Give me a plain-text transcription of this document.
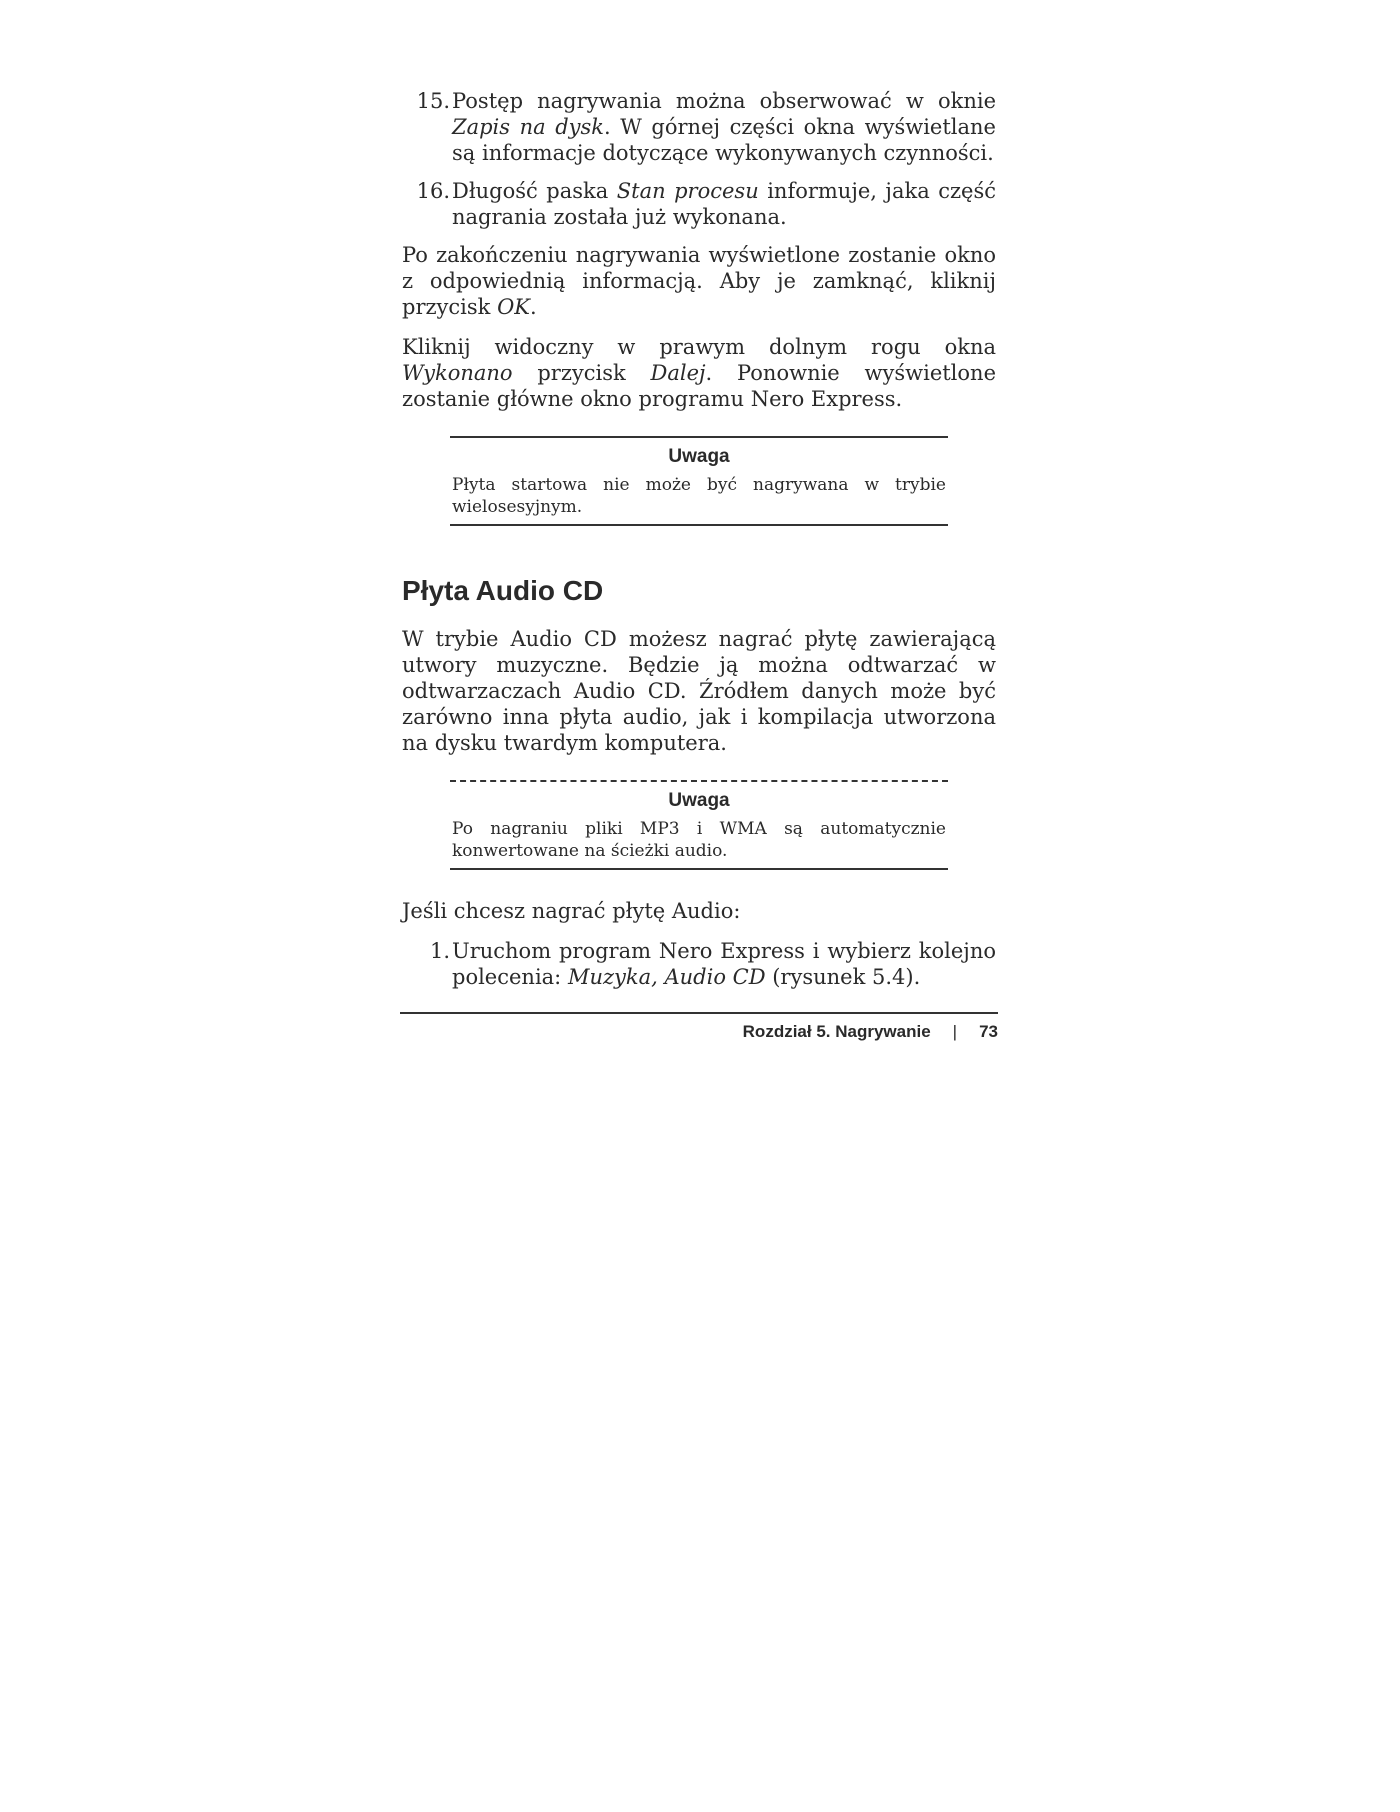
15. Postęp nagrywania można obserwować w oknie Zapis na dysk. W górnej części okna wyświetlane są informacje dotyczące wykonywanych czynności.
16. Długość paska Stan procesu informuje, jaka część nagrania została już wykonana.

Po zakończeniu nagrywania wyświetlone zostanie okno z odpowiednią informacją. Aby je zamknąć, kliknij przycisk OK.

Kliknij widoczny w prawym dolnym rogu okna Wykonano przycisk Dalej. Ponownie wyświetlone zostanie główne okno programu Nero Express.

Uwaga
Płyta startowa nie może być nagrywana w trybie wielosesyjnym.
Płyta Audio CD

W trybie Audio CD możesz nagrać płytę zawierającą utwory muzyczne. Będzie ją można odtwarzać w odtwarzaczach Audio CD. Źródłem danych może być zarówno inna płyta audio, jak i kompilacja utworzona na dysku twardym komputera.

Uwaga
Po nagraniu pliki MP3 i WMA są automatycznie konwertowane na ścieżki audio.

Jeśli chcesz nagrać płytę Audio:

1. Uruchom program Nero Express i wybierz kolejno polecenia: Muzyka, Audio CD (rysunek 5.4).
Rozdział 5. Nagrywanie | 73
